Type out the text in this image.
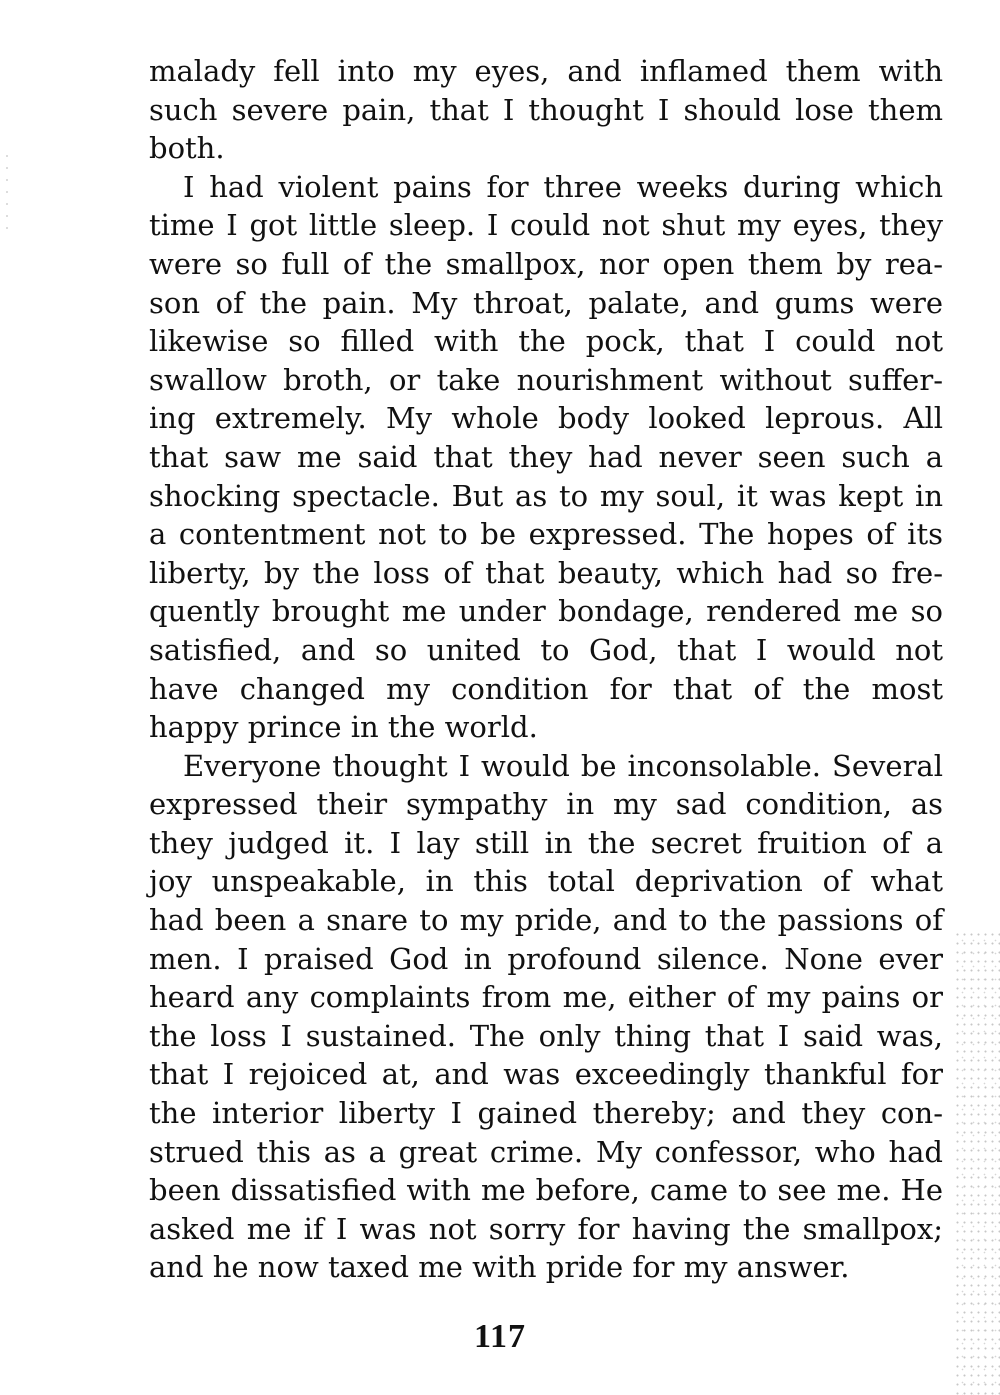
malady fell into my eyes, and inflamed them with
such severe pain, that I thought I should lose them
both.
I had violent pains for three weeks during which
time I got little sleep. I could not shut my eyes, they
were so full of the smallpox, nor open them by rea-
son of the pain. My throat, palate, and gums were
likewise so filled with the pock, that I could not
swallow broth, or take nourishment without suffer-
ing extremely. My whole body looked leprous. All
that saw me said that they had never seen such a
shocking spectacle. But as to my soul, it was kept in
a contentment not to be expressed. The hopes of its
liberty, by the loss of that beauty, which had so fre-
quently brought me under bondage, rendered me so
satisfied, and so united to God, that I would not
have changed my condition for that of the most
happy prince in the world.
Everyone thought I would be inconsolable. Several
expressed their sympathy in my sad condition, as
they judged it. I lay still in the secret fruition of a
joy unspeakable, in this total deprivation of what
had been a snare to my pride, and to the passions of
men. I praised God in profound silence. None ever
heard any complaints from me, either of my pains or
the loss I sustained. The only thing that I said was,
that I rejoiced at, and was exceedingly thankful for
the interior liberty I gained thereby; and they con-
strued this as a great crime. My confessor, who had
been dissatisfied with me before, came to see me. He
asked me if I was not sorry for having the smallpox;
and he now taxed me with pride for my answer.
117
